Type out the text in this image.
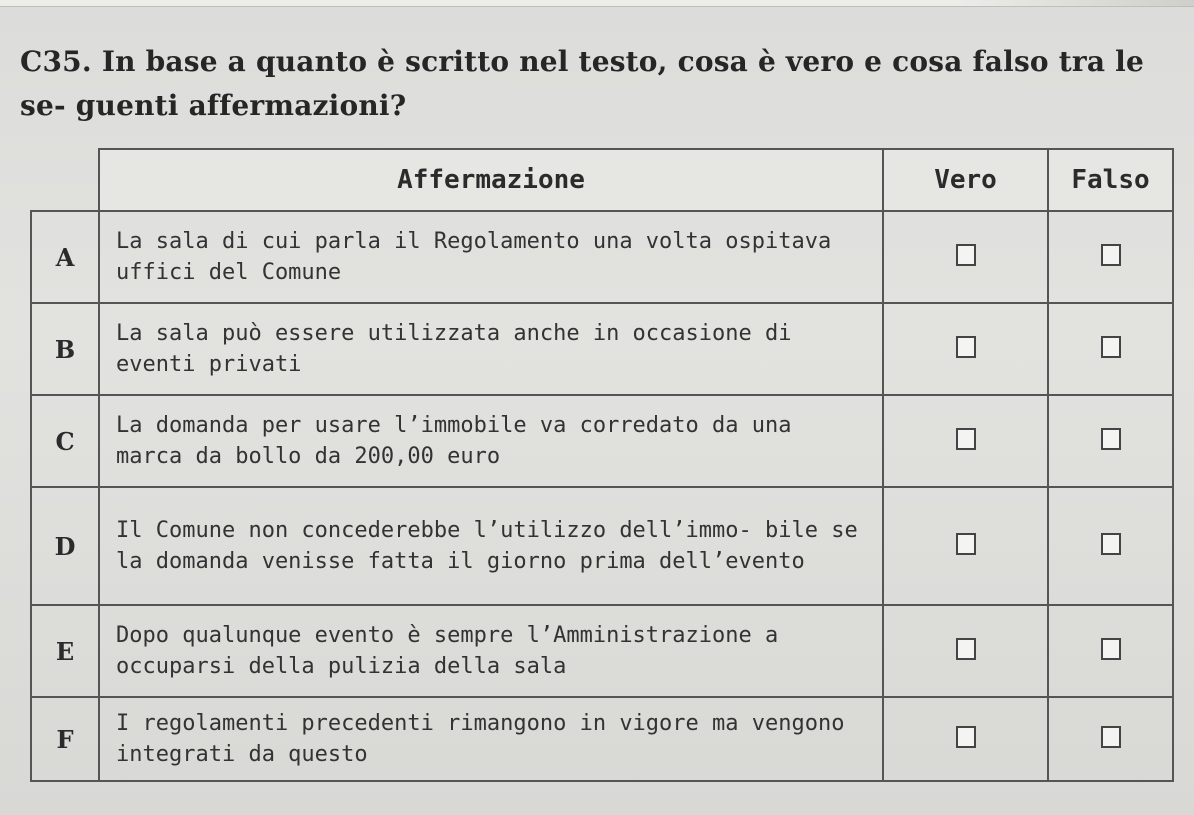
C35. In base a quanto è scritto nel testo, cosa è vero e cosa falso tra le se- guenti affermazioni?
	Affermazione	Vero	Falso
A	La sala di cui parla il Regolamento una volta ospitava uffici del Comune		
B	La sala può essere utilizzata anche in occasione di eventi privati		
C	La domanda per usare l’immobile va corredato da una marca da bollo da 200,00 euro		
D	Il Comune non concederebbe l’utilizzo dell’immo- bile se la domanda venisse fatta il giorno prima dell’evento		
E	Dopo qualunque evento è sempre l’Amministrazione a occuparsi della pulizia della sala		
F	I regolamenti precedenti rimangono in vigore ma vengono integrati da questo		
